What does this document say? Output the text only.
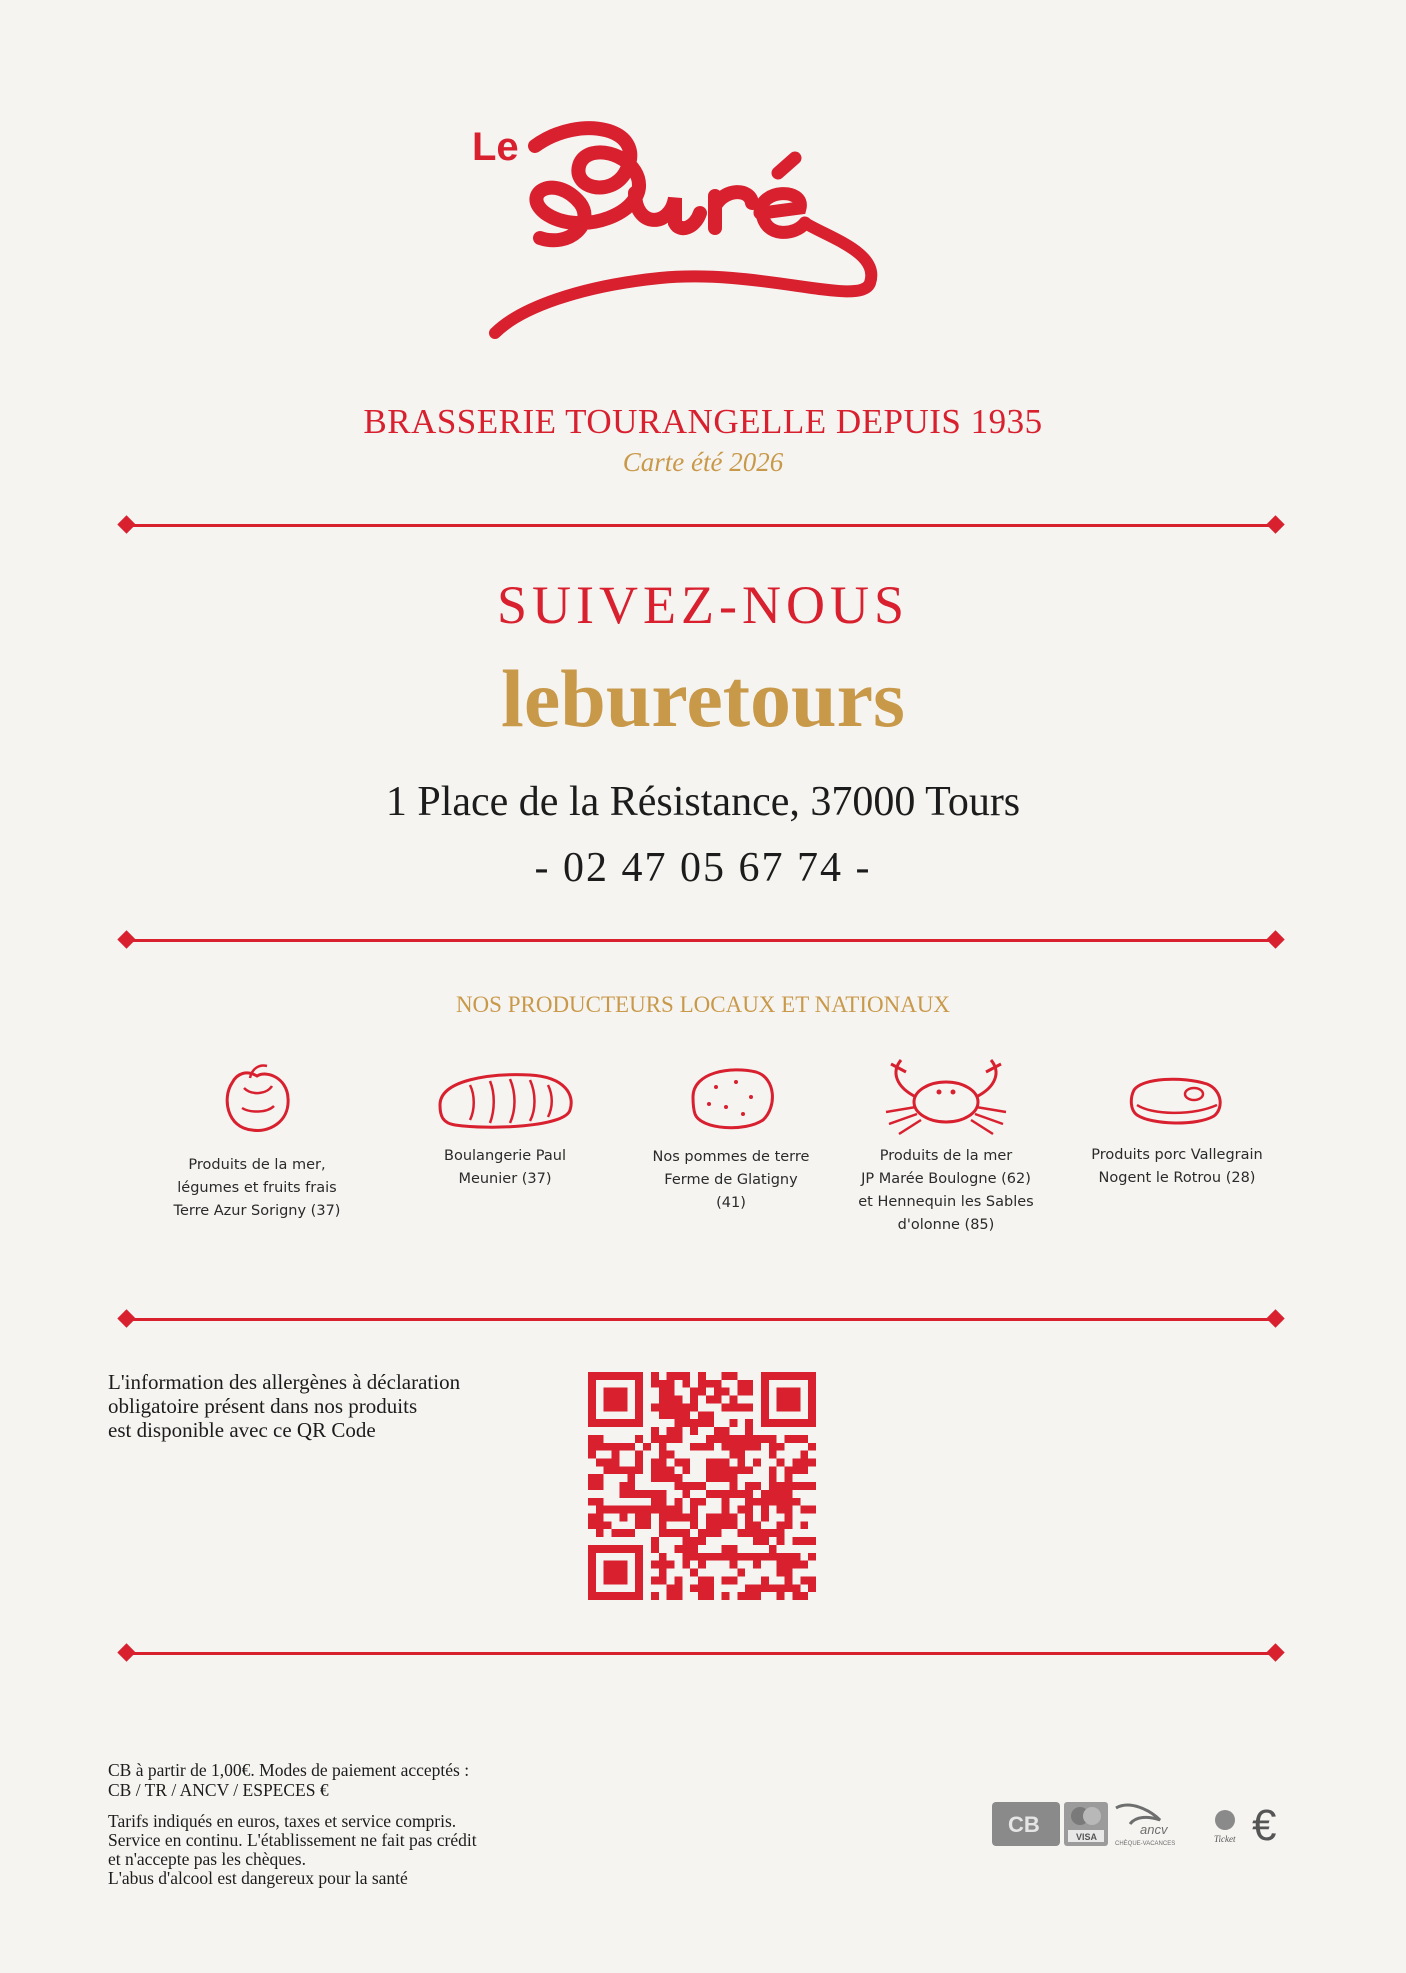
Le
BRASSERIE TOURANGELLE DEPUIS 1935
Carte été 2026
SUIVEZ-NOUS
leburetours
1 Place de la Résistance, 37000 Tours
- 02 47 05 67 74 -
NOS PRODUCTEURS LOCAUX ET NATIONAUX
Produits de la mer,
légumes et fruits frais
Terre Azur Sorigny (37)
Boulangerie Paul
Meunier (37)
Nos pommes de terre
Ferme de Glatigny
(41)
Produits de la mer
JP Marée Boulogne (62)
et Hennequin les Sables
d'olonne (85)
Produits porc Vallegrain
Nogent le Rotrou (28)
L'information des allergènes à déclaration
obligatoire présent dans nos produits
est disponible avec ce QR Code
CB à partir de 1,00€. Modes de paiement acceptés :
CB / TR / ANCV / ESPECES €
Tarifs indiqués en euros, taxes et service compris.
Service en continu. L'établissement ne fait pas crédit
et n'accepte pas les chèques.
L'abus d'alcool est dangereux pour la santé
CB	VISA	ancv
CHÈQUE-VACANCES	Ticket €
